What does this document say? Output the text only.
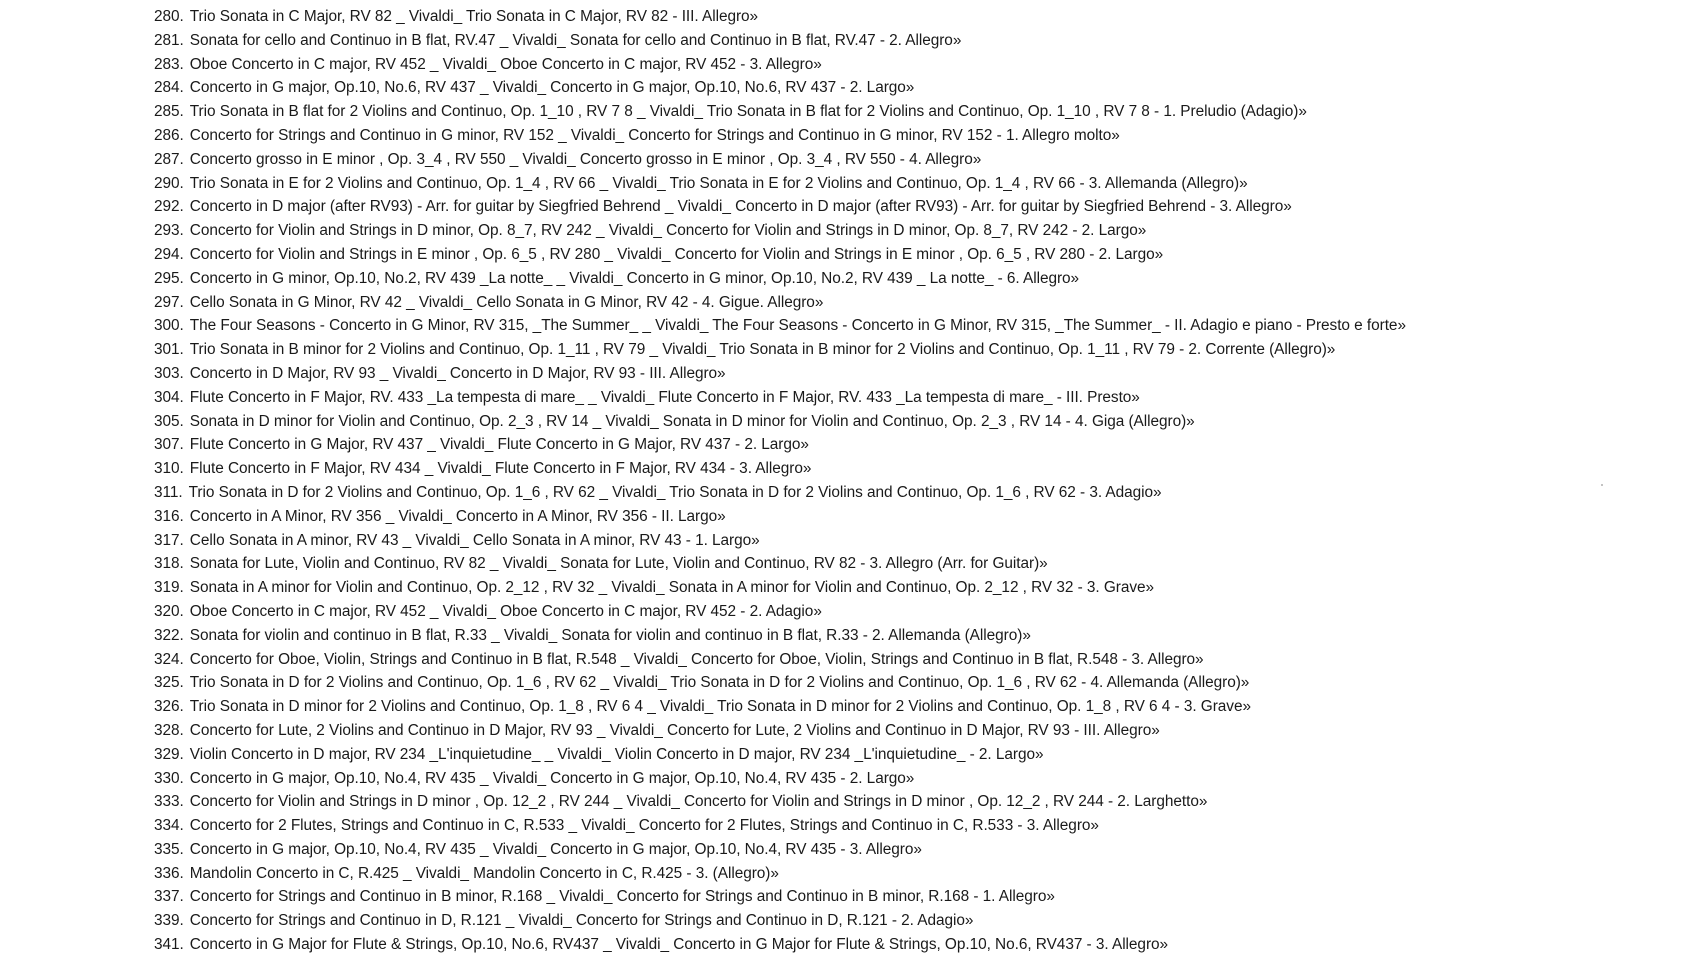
280. Trio Sonata in C Major, RV 82 _ Vivaldi_ Trio Sonata in C Major, RV 82 - III. Allegro»
281. Sonata for cello and Continuo in B flat, RV.47 _ Vivaldi_ Sonata for cello and Continuo in B flat, RV.47 - 2. Allegro»
283. Oboe Concerto in C major, RV 452 _ Vivaldi_ Oboe Concerto in C major, RV 452 - 3. Allegro»
284. Concerto in G major, Op.10, No.6, RV 437 _ Vivaldi_ Concerto in G major, Op.10, No.6, RV 437 - 2. Largo»
285. Trio Sonata in B flat for 2 Violins and Continuo, Op. 1_10 , RV 7 8 _ Vivaldi_ Trio Sonata in B flat for 2 Violins and Continuo, Op. 1_10 , RV 7 8 - 1. Preludio (Adagio)»
286. Concerto for Strings and Continuo in G minor, RV 152 _ Vivaldi_ Concerto for Strings and Continuo in G minor, RV 152 - 1. Allegro molto»
287. Concerto grosso in E minor , Op. 3_4 , RV 550 _ Vivaldi_ Concerto grosso in E minor , Op. 3_4 , RV 550 - 4. Allegro»
290. Trio Sonata in E for 2 Violins and Continuo, Op. 1_4 , RV 66 _ Vivaldi_ Trio Sonata in E for 2 Violins and Continuo, Op. 1_4 , RV 66 - 3. Allemanda (Allegro)»
292. Concerto in D major (after RV93) - Arr. for guitar by Siegfried Behrend _ Vivaldi_ Concerto in D major (after RV93) - Arr. for guitar by Siegfried Behrend - 3. Allegro»
293. Concerto for Violin and Strings in D minor, Op. 8_7, RV 242 _ Vivaldi_ Concerto for Violin and Strings in D minor, Op. 8_7, RV 242 - 2. Largo»
294. Concerto for Violin and Strings in E minor , Op. 6_5 , RV 280 _ Vivaldi_ Concerto for Violin and Strings in E minor , Op. 6_5 , RV 280 - 2. Largo»
295. Concerto in G minor, Op.10, No.2, RV 439 _La notte_ _ Vivaldi_ Concerto in G minor, Op.10, No.2, RV 439 _ La notte_ - 6. Allegro»
297. Cello Sonata in G Minor, RV 42 _ Vivaldi_ Cello Sonata in G Minor, RV 42 - 4. Gigue. Allegro»
300. The Four Seasons - Concerto in G Minor, RV 315, _The Summer_ _ Vivaldi_ The Four Seasons - Concerto in G Minor, RV 315, _The Summer_ - II. Adagio e piano - Presto e forte»
301. Trio Sonata in B minor for 2 Violins and Continuo, Op. 1_11 , RV 79 _ Vivaldi_ Trio Sonata in B minor for 2 Violins and Continuo, Op. 1_11 , RV 79 - 2. Corrente (Allegro)»
303. Concerto in D Major, RV 93 _ Vivaldi_ Concerto in D Major, RV 93 - III. Allegro»
304. Flute Concerto in F Major, RV. 433 _La tempesta di mare_ _ Vivaldi_ Flute Concerto in F Major, RV. 433 _La tempesta di mare_ - III. Presto»
305. Sonata in D minor for Violin and Continuo, Op. 2_3 , RV 14 _ Vivaldi_ Sonata in D minor for Violin and Continuo, Op. 2_3 , RV 14 - 4. Giga (Allegro)»
307. Flute Concerto in G Major, RV 437 _ Vivaldi_ Flute Concerto in G Major, RV 437 - 2. Largo»
310. Flute Concerto in F Major, RV 434 _ Vivaldi_ Flute Concerto in F Major, RV 434 - 3. Allegro»
311. Trio Sonata in D for 2 Violins and Continuo, Op. 1_6 , RV 62 _ Vivaldi_ Trio Sonata in D for 2 Violins and Continuo, Op. 1_6 , RV 62 - 3. Adagio»
316. Concerto in A Minor, RV 356 _ Vivaldi_ Concerto in A Minor, RV 356 - II. Largo»
317. Cello Sonata in A minor, RV 43 _ Vivaldi_ Cello Sonata in A minor, RV 43 - 1. Largo»
318. Sonata for Lute, Violin and Continuo, RV 82 _ Vivaldi_ Sonata for Lute, Violin and Continuo, RV 82 - 3. Allegro (Arr. for Guitar)»
319. Sonata in A minor for Violin and Continuo, Op. 2_12 , RV 32 _ Vivaldi_ Sonata in A minor for Violin and Continuo, Op. 2_12 , RV 32 - 3. Grave»
320. Oboe Concerto in C major, RV 452 _ Vivaldi_ Oboe Concerto in C major, RV 452 - 2. Adagio»
322. Sonata for violin and continuo in B flat, R.33 _ Vivaldi_ Sonata for violin and continuo in B flat, R.33 - 2. Allemanda (Allegro)»
324. Concerto for Oboe, Violin, Strings and Continuo in B flat, R.548 _ Vivaldi_ Concerto for Oboe, Violin, Strings and Continuo in B flat, R.548 - 3. Allegro»
325. Trio Sonata in D for 2 Violins and Continuo, Op. 1_6 , RV 62 _ Vivaldi_ Trio Sonata in D for 2 Violins and Continuo, Op. 1_6 , RV 62 - 4. Allemanda (Allegro)»
326. Trio Sonata in D minor for 2 Violins and Continuo, Op. 1_8 , RV 6 4 _ Vivaldi_ Trio Sonata in D minor for 2 Violins and Continuo, Op. 1_8 , RV 6 4 - 3. Grave»
328. Concerto for Lute, 2 Violins and Continuo in D Major, RV 93 _ Vivaldi_ Concerto for Lute, 2 Violins and Continuo in D Major, RV 93 - III. Allegro»
329. Violin Concerto in D major, RV 234 _L'inquietudine_ _ Vivaldi_ Violin Concerto in D major, RV 234 _L'inquietudine_ - 2. Largo»
330. Concerto in G major, Op.10, No.4, RV 435 _ Vivaldi_ Concerto in G major, Op.10, No.4, RV 435 - 2. Largo»
333. Concerto for Violin and Strings in D minor , Op. 12_2 , RV 244 _ Vivaldi_ Concerto for Violin and Strings in D minor , Op. 12_2 , RV 244 - 2. Larghetto»
334. Concerto for 2 Flutes, Strings and Continuo in C, R.533 _ Vivaldi_ Concerto for 2 Flutes, Strings and Continuo in C, R.533 - 3. Allegro»
335. Concerto in G major, Op.10, No.4, RV 435 _ Vivaldi_ Concerto in G major, Op.10, No.4, RV 435 - 3. Allegro»
336. Mandolin Concerto in C, R.425 _ Vivaldi_ Mandolin Concerto in C, R.425 - 3. (Allegro)»
337. Concerto for Strings and Continuo in B minor, R.168 _ Vivaldi_ Concerto for Strings and Continuo in B minor, R.168 - 1. Allegro»
339. Concerto for Strings and Continuo in D, R.121 _ Vivaldi_ Concerto for Strings and Continuo in D, R.121 - 2. Adagio»
341. Concerto in G Major for Flute & Strings, Op.10, No.6, RV437 _ Vivaldi_ Concerto in G Major for Flute & Strings, Op.10, No.6, RV437 - 3. Allegro»
